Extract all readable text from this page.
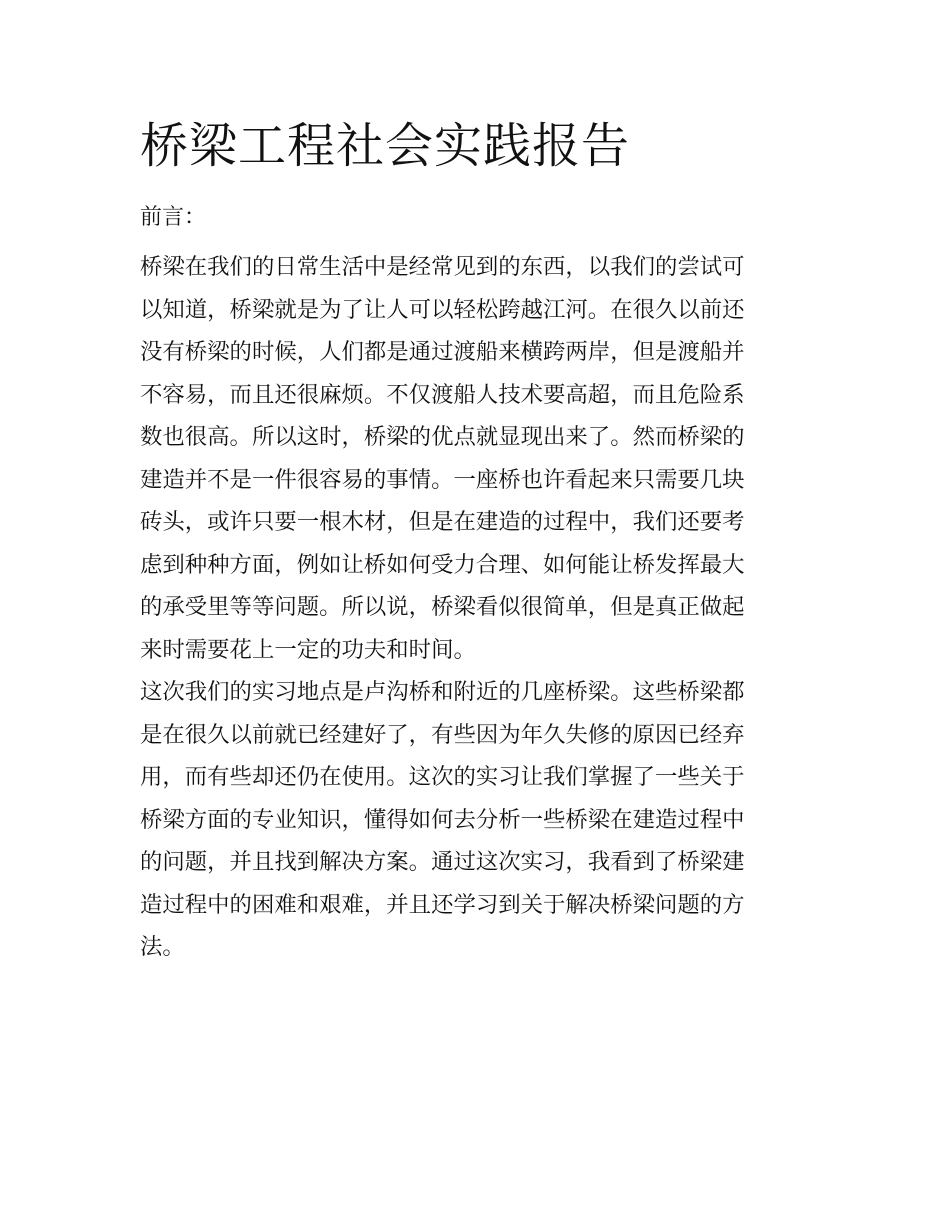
桥梁工程社会实践报告
前言：
桥梁在我们的日常生活中是经常见到的东西，以我们的尝试可
以知道，桥梁就是为了让人可以轻松跨越江河。在很久以前还
没有桥梁的时候，人们都是通过渡船来横跨两岸，但是渡船并
不容易，而且还很麻烦。不仅渡船人技术要高超，而且危险系
数也很高。所以这时，桥梁的优点就显现出来了。然而桥梁的
建造并不是一件很容易的事情。一座桥也许看起来只需要几块
砖头，或许只要一根木材，但是在建造的过程中，我们还要考
虑到种种方面，例如让桥如何受力合理、如何能让桥发挥最大
的承受里等等问题。所以说，桥梁看似很简单，但是真正做起
来时需要花上一定的功夫和时间。
这次我们的实习地点是卢沟桥和附近的几座桥梁。这些桥梁都
是在很久以前就已经建好了，有些因为年久失修的原因已经弃
用，而有些却还仍在使用。这次的实习让我们掌握了一些关于
桥梁方面的专业知识，懂得如何去分析一些桥梁在建造过程中
的问题，并且找到解决方案。通过这次实习，我看到了桥梁建
造过程中的困难和艰难，并且还学习到关于解决桥梁问题的方
法。
